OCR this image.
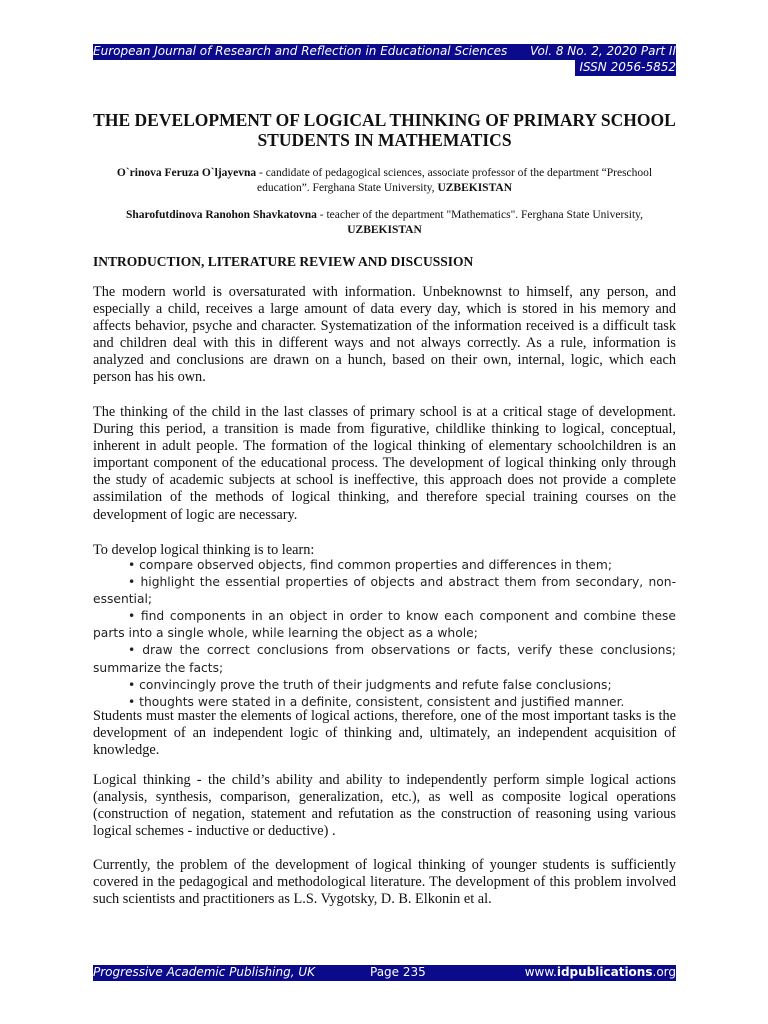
European Journal of Research and Reflection in Educational Sciences Vol. 8 No. 2, 2020 Part II
ISSN 2056-5852
THE DEVELOPMENT OF LOGICAL THINKING OF PRIMARY SCHOOL STUDENTS IN MATHEMATICS
O`rinova Feruza O`ljayevna - candidate of pedagogical sciences, associate professor of the department “Preschool education”. Ferghana State University, UZBEKISTAN
Sharofutdinova Ranohon Shavkatovna - teacher of the department "Mathematics". Ferghana State University, UZBEKISTAN
INTRODUCTION, LITERATURE REVIEW AND DISCUSSION

The modern world is oversaturated with information. Unbeknownst to himself, any person, and especially a child, receives a large amount of data every day, which is stored in his memory and affects behavior, psyche and character. Systematization of the information received is a difficult task and children deal with this in different ways and not always correctly. As a rule, information is analyzed and conclusions are drawn on a hunch, based on their own, internal, logic, which each person has his own.

The thinking of the child in the last classes of primary school is at a critical stage of development. During this period, a transition is made from figurative, childlike thinking to logical, conceptual, inherent in adult people. The formation of the logical thinking of elementary schoolchildren is an important component of the educational process. The development of logical thinking only through the study of academic subjects at school is ineffective, this approach does not provide a complete assimilation of the methods of logical thinking, and therefore special training courses on the development of logic are necessary.

To develop logical thinking is to learn:
• compare observed objects, find common properties and differences in them;
• highlight the essential properties of objects and abstract them from secondary, non-essential;
• find components in an object in order to know each component and combine these parts into a single whole, while learning the object as a whole;
• draw the correct conclusions from observations or facts, verify these conclusions; summarize the facts;
• convincingly prove the truth of their judgments and refute false conclusions;
• thoughts were stated in a definite, consistent, consistent and justified manner.

Students must master the elements of logical actions, therefore, one of the most important tasks is the development of an independent logic of thinking and, ultimately, an independent acquisition of knowledge.

Logical thinking - the child’s ability and ability to independently perform simple logical actions (analysis, synthesis, comparison, generalization, etc.), as well as composite logical operations (construction of negation, statement and refutation as the construction of reasoning using various logical schemes - inductive or deductive) .

Currently, the problem of the development of logical thinking of younger students is sufficiently covered in the pedagogical and methodological literature. The development of this problem involved such scientists and practitioners as L.S. Vygotsky, D. B. Elkonin et al.

Progressive Academic Publishing, UK	Page 235	www.idpublications.org
